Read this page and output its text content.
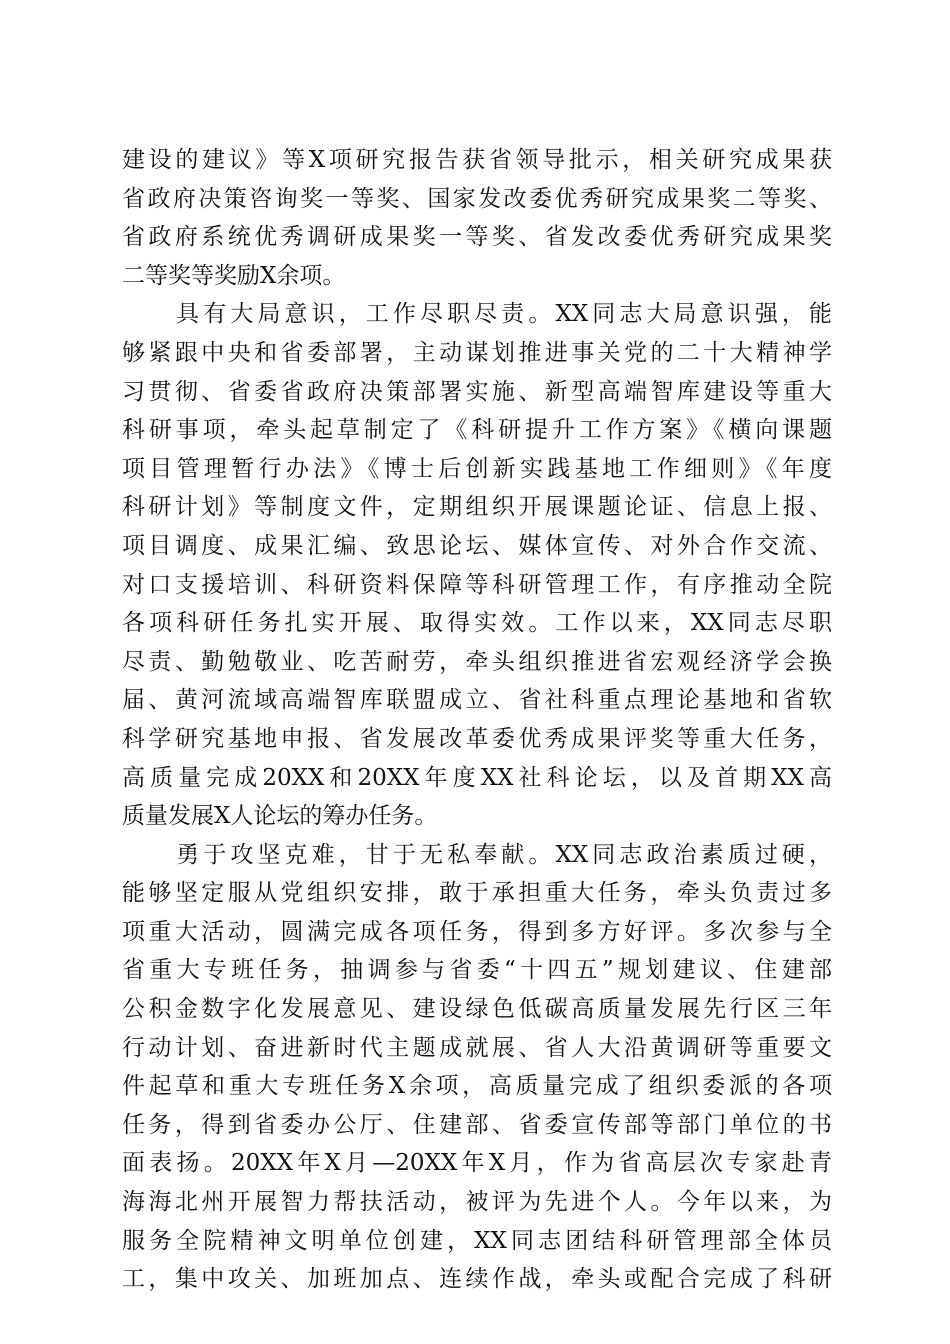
建设的建议》等X项研究报告获省领导批示，相关研究成果获
省政府决策咨询奖一等奖、国家发改委优秀研究成果奖二等奖、
省政府系统优秀调研成果奖一等奖、省发改委优秀研究成果奖
二等奖等奖励X余项。
　　具有大局意识，工作尽职尽责。XX同志大局意识强，能
够紧跟中央和省委部署，主动谋划推进事关党的二十大精神学
习贯彻、省委省政府决策部署实施、新型高端智库建设等重大
科研事项，牵头起草制定了《科研提升工作方案》《横向课题
项目管理暂行办法》《博士后创新实践基地工作细则》《年度
科研计划》等制度文件，定期组织开展课题论证、信息上报、
项目调度、成果汇编、致思论坛、媒体宣传、对外合作交流、
对口支援培训、科研资料保障等科研管理工作，有序推动全院
各项科研任务扎实开展、取得实效。工作以来，XX同志尽职
尽责、勤勉敬业、吃苦耐劳，牵头组织推进省宏观经济学会换
届、黄河流域高端智库联盟成立、省社科重点理论基地和省软
科学研究基地申报、省发展改革委优秀成果评奖等重大任务，
高质量完成20XX和20XX年度XX社科论坛，以及首期XX高
质量发展X人论坛的筹办任务。
　　勇于攻坚克难，甘于无私奉献。XX同志政治素质过硬，
能够坚定服从党组织安排，敢于承担重大任务，牵头负责过多
项重大活动，圆满完成各项任务，得到多方好评。多次参与全
省重大专班任务，抽调参与省委“十四五”规划建议、住建部
公积金数字化发展意见、建设绿色低碳高质量发展先行区三年
行动计划、奋进新时代主题成就展、省人大沿黄调研等重要文
件起草和重大专班任务X余项，高质量完成了组织委派的各项
任务，得到省委办公厅、住建部、省委宣传部等部门单位的书
面表扬。20XX年X月—20XX年X月，作为省高层次专家赴青
海海北州开展智力帮扶活动，被评为先进个人。今年以来，为
服务全院精神文明单位创建，XX同志团结科研管理部全体员
工，集中攻关、加班加点、连续作战，牵头或配合完成了科研
